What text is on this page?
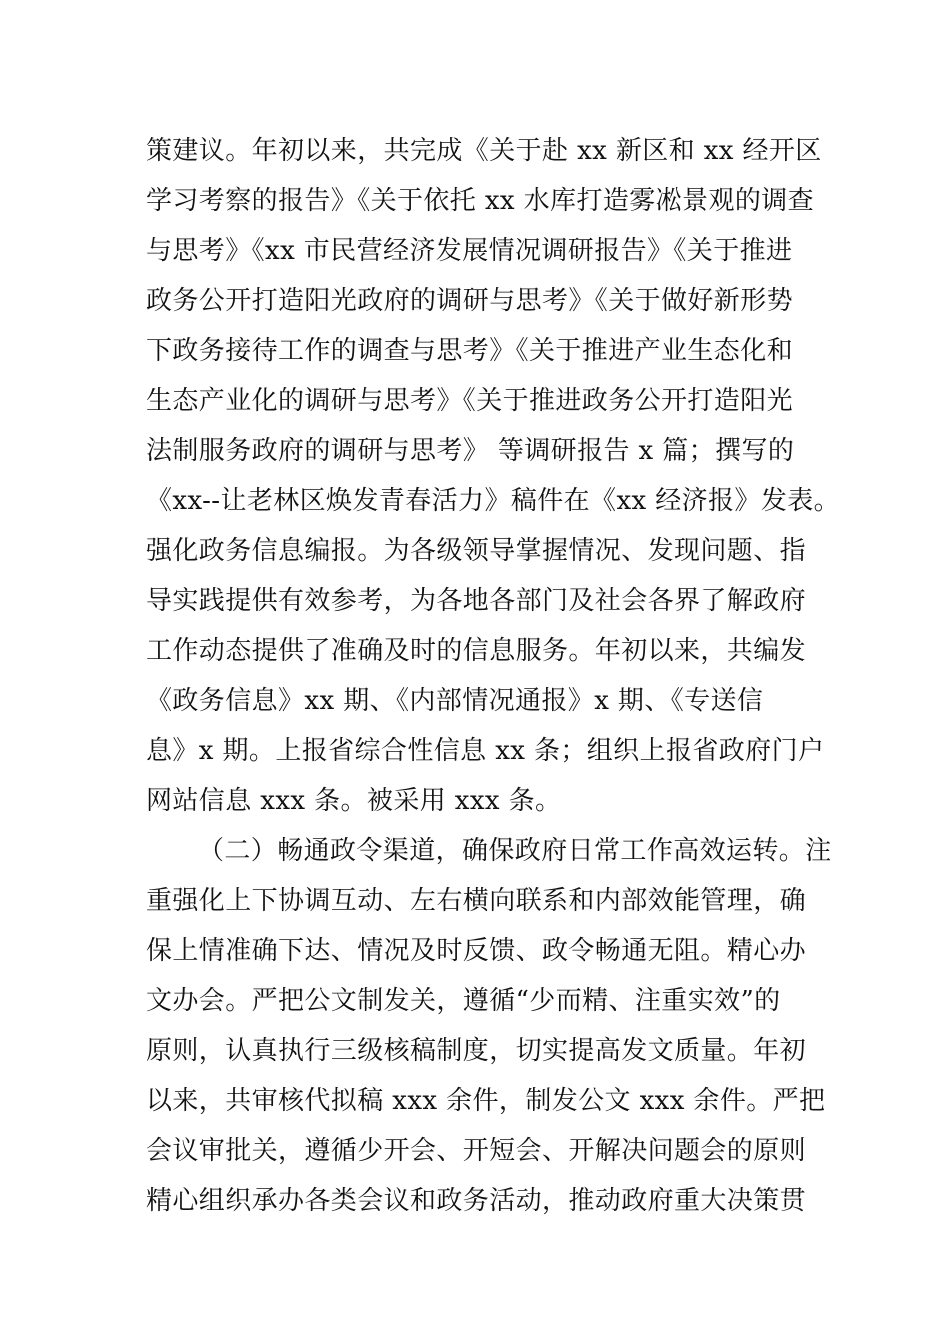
策建议。年初以来，共完成《关于赴 xx 新区和 xx 经开区
学习考察的报告》《关于依托 xx 水库打造雾凇景观的调查
与思考》《xx 市民营经济发展情况调研报告》《关于推进
政务公开打造阳光政府的调研与思考》《关于做好新形势
下政务接待工作的调查与思考》《关于推进产业生态化和
生态产业化的调研与思考》《关于推进政务公开打造阳光
法制服务政府的调研与思考》 等调研报告 x 篇；撰写的
《xx--让老林区焕发青春活力》稿件在《xx 经济报》发表。
强化政务信息编报。为各级领导掌握情况、发现问题、指
导实践提供有效参考，为各地各部门及社会各界了解政府
工作动态提供了准确及时的信息服务。年初以来，共编发
《政务信息》xx 期、《内部情况通报》x 期、《专送信
息》x 期。上报省综合性信息 xx 条；组织上报省政府门户
网站信息 xxx 条。被采用 xxx 条。
（二）畅通政令渠道，确保政府日常工作高效运转。注
重强化上下协调互动、左右横向联系和内部效能管理，确
保上情准确下达、情况及时反馈、政令畅通无阻。精心办
文办会。严把公文制发关，遵循“少而精、注重实效”的
原则，认真执行三级核稿制度，切实提高发文质量。年初
以来，共审核代拟稿 xxx 余件，制发公文 xxx 余件。严把
会议审批关，遵循少开会、开短会、开解决问题会的原则
精心组织承办各类会议和政务活动，推动政府重大决策贯
